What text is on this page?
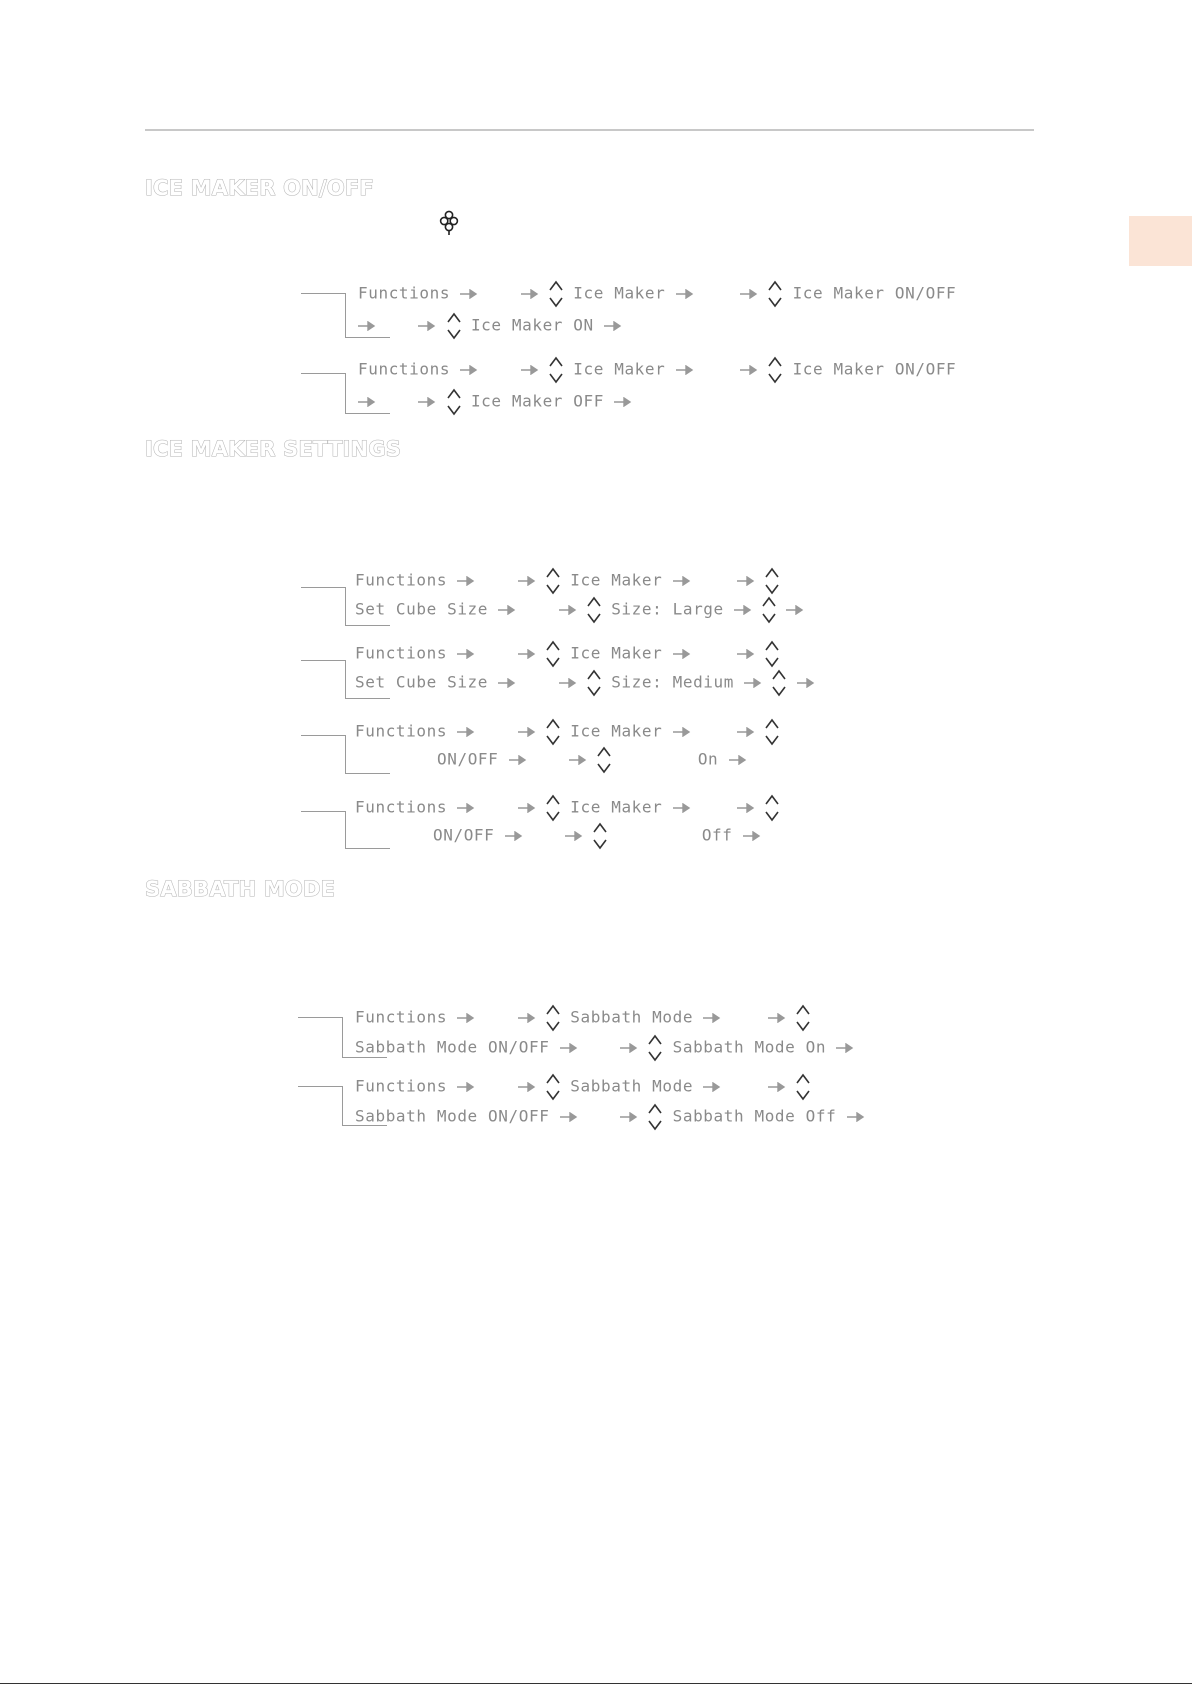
ICE MAKER ON/OFF
Functions	Ice Maker	Ice Maker ON/OFF
Ice Maker ON
Functions	Ice Maker	Ice Maker ON/OFF
Ice Maker OFF
ICE MAKER SETTINGS
Functions	Ice Maker
Set Cube Size	Size: Large
Functions	Ice Maker
Set Cube Size	Size: Medium
Functions	Ice Maker
ON/OFF	On
Functions	Ice Maker
ON/OFF	Off
SABBATH MODE
Functions	Sabbath Mode
Sabbath Mode ON/OFF	Sabbath Mode On
Functions	Sabbath Mode
Sabbath Mode ON/OFF	Sabbath Mode Off
